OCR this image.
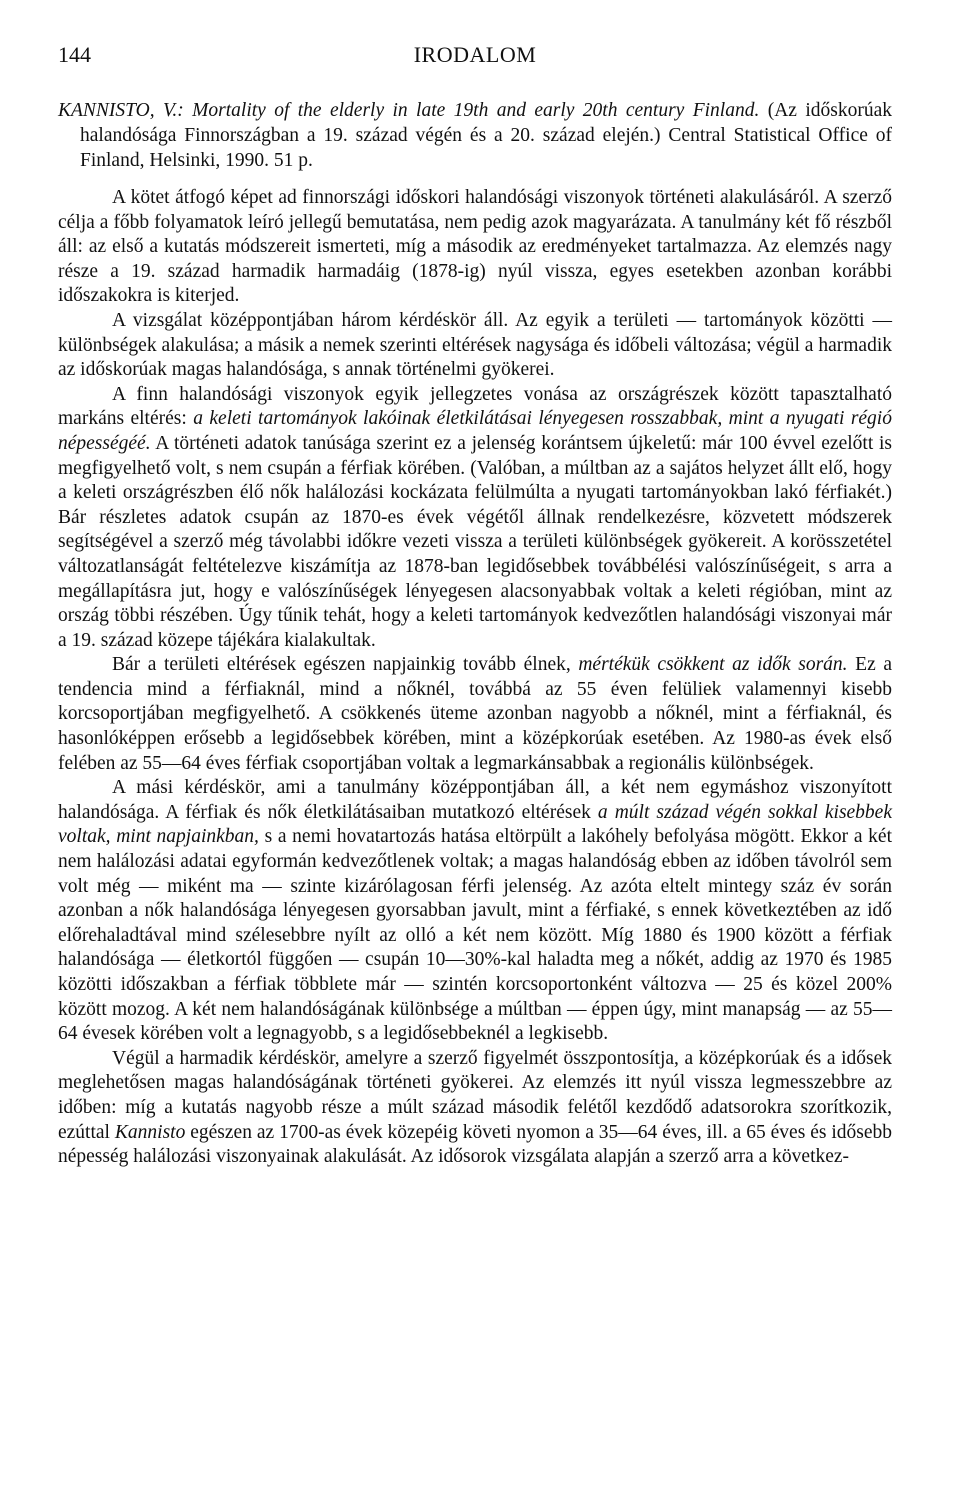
144	IRODALOM
KANNISTO, V.: Mortality of the elderly in late 19th and early 20th century Finland. (Az időskorúak halandósága Finnországban a 19. század végén és a 20. század elején.) Central Statistical Office of Finland, Helsinki, 1990. 51 p.

A kötet átfogó képet ad finnországi időskori halandósági viszonyok történeti alakulásáról. A szerző célja a főbb folyamatok leíró jellegű bemutatása, nem pedig azok magyarázata. A tanulmány két fő részből áll: az első a kutatás módszereit ismerteti, míg a második az eredményeket tartalmazza. Az elemzés nagy része a 19. század harmadik harmadáig (1878-ig) nyúl vissza, egyes esetekben azonban korábbi időszakokra is kiterjed.

A vizsgálat középpontjában három kérdéskör áll. Az egyik a területi — tartományok közötti — különbségek alakulása; a másik a nemek szerinti eltérések nagysága és időbeli változása; végül a harmadik az időskorúak magas halandósága, s annak történelmi gyökerei.

A finn halandósági viszonyok egyik jellegzetes vonása az országrészek között tapasztalható markáns eltérés: a keleti tartományok lakóinak életkilátásai lényegesen rosszabbak, mint a nyugati régió népességéé. A történeti adatok tanúsága szerint ez a jelenség korántsem újkeletű: már 100 évvel ezelőtt is megfigyelhető volt, s nem csupán a férfiak körében. (Valóban, a múltban az a sajátos helyzet állt elő, hogy a keleti országrészben élő nők halálozási kockázata felülmúlta a nyugati tartományokban lakó férfiakét.) Bár részletes adatok csupán az 1870-es évek végétől állnak rendelkezésre, közvetett módszerek segítségével a szerző még távolabbi időkre vezeti vissza a területi különbségek gyökereit. A korösszetétel változatlanságát feltételezve kiszámítja az 1878-ban legidősebbek továbbélési valószínűségeit, s arra a megállapításra jut, hogy e valószínűségek lényegesen alacsonyabbak voltak a keleti régióban, mint az ország többi részében. Úgy tűnik tehát, hogy a keleti tartományok kedvezőtlen halandósági viszonyai már a 19. század közepe tájékára kialakultak.

Bár a területi eltérések egészen napjainkig tovább élnek, mértékük csökkent az idők során. Ez a tendencia mind a férfiaknál, mind a nőknél, továbbá az 55 éven felüliek valamennyi kisebb korcsoportjában megfigyelhető. A csökkenés üteme azonban nagyobb a nőknél, mint a férfiaknál, és hasonlóképpen erősebb a legidősebbek körében, mint a középkorúak esetében. Az 1980-as évek első felében az 55—64 éves férfiak csoportjában voltak a legmarkánsabbak a regionális különbségek.

A mási kérdéskör, ami a tanulmány középpontjában áll, a két nem egymáshoz viszonyított halandósága. A férfiak és nők életkilátásaiban mutatkozó eltérések a múlt század végén sokkal kisebbek voltak, mint napjainkban, s a nemi hovatartozás hatása eltörpült a lakóhely befolyása mögött. Ekkor a két nem halálozási adatai egyformán kedvezőtlenek voltak; a magas halandóság ebben az időben távolról sem volt még — miként ma — szinte kizárólagosan férfi jelenség. Az azóta eltelt mintegy száz év során azonban a nők halandósága lényegesen gyorsabban javult, mint a férfiaké, s ennek következtében az idő előrehaladtával mind szélesebbre nyílt az olló a két nem között. Míg 1880 és 1900 között a férfiak halandósága — életkortól függően — csupán 10—30%-kal haladta meg a nőkét, addig az 1970 és 1985 közötti időszakban a férfiak többlete már — szintén korcsoportonként változva — 25 és közel 200% között mozog. A két nem halandóságának különbsége a múltban — éppen úgy, mint manapság — az 55—64 évesek körében volt a legnagyobb, s a legidősebbeknél a legkisebb.

Végül a harmadik kérdéskör, amelyre a szerző figyelmét összpontosítja, a középkorúak és a idősek meglehetősen magas halandóságának történeti gyökerei. Az elemzés itt nyúl vissza legmesszebbre az időben: míg a kutatás nagyobb része a múlt század második felétől kezdődő adatsorokra szorítkozik, ezúttal Kannisto egészen az 1700-as évek közepéig követi nyomon a 35—64 éves, ill. a 65 éves és idősebb népesség halálozási viszonyainak alakulását. Az idősorok vizsgálata alapján a szerző arra a következ-
